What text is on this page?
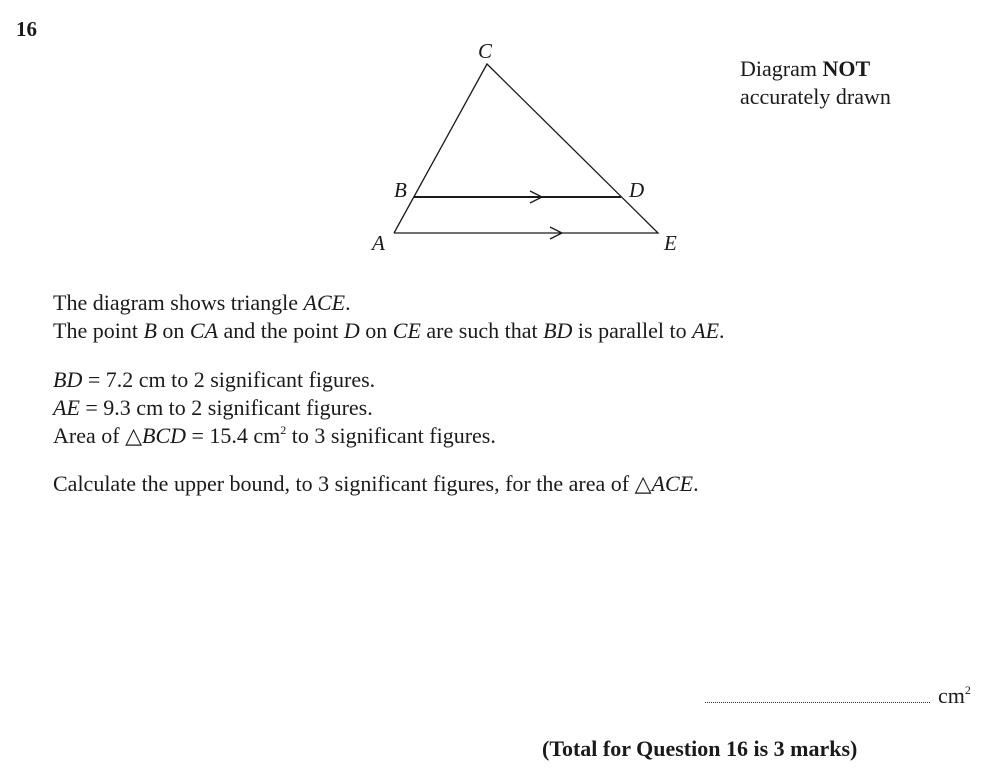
16
C
B	D
A	E
Diagram NOT
accurately drawn
The diagram shows triangle ACE.
The point B on CA and the point D on CE are such that BD is parallel to AE.
BD = 7.2 cm to 2 significant figures.
AE = 9.3 cm to 2 significant figures.
Area of △BCD = 15.4 $cm^2$ to 3 significant figures.
Calculate the upper bound, to 3 significant figures, for the area of △ACE.
$cm^2$
(Total for Question 16 is 3 marks)
